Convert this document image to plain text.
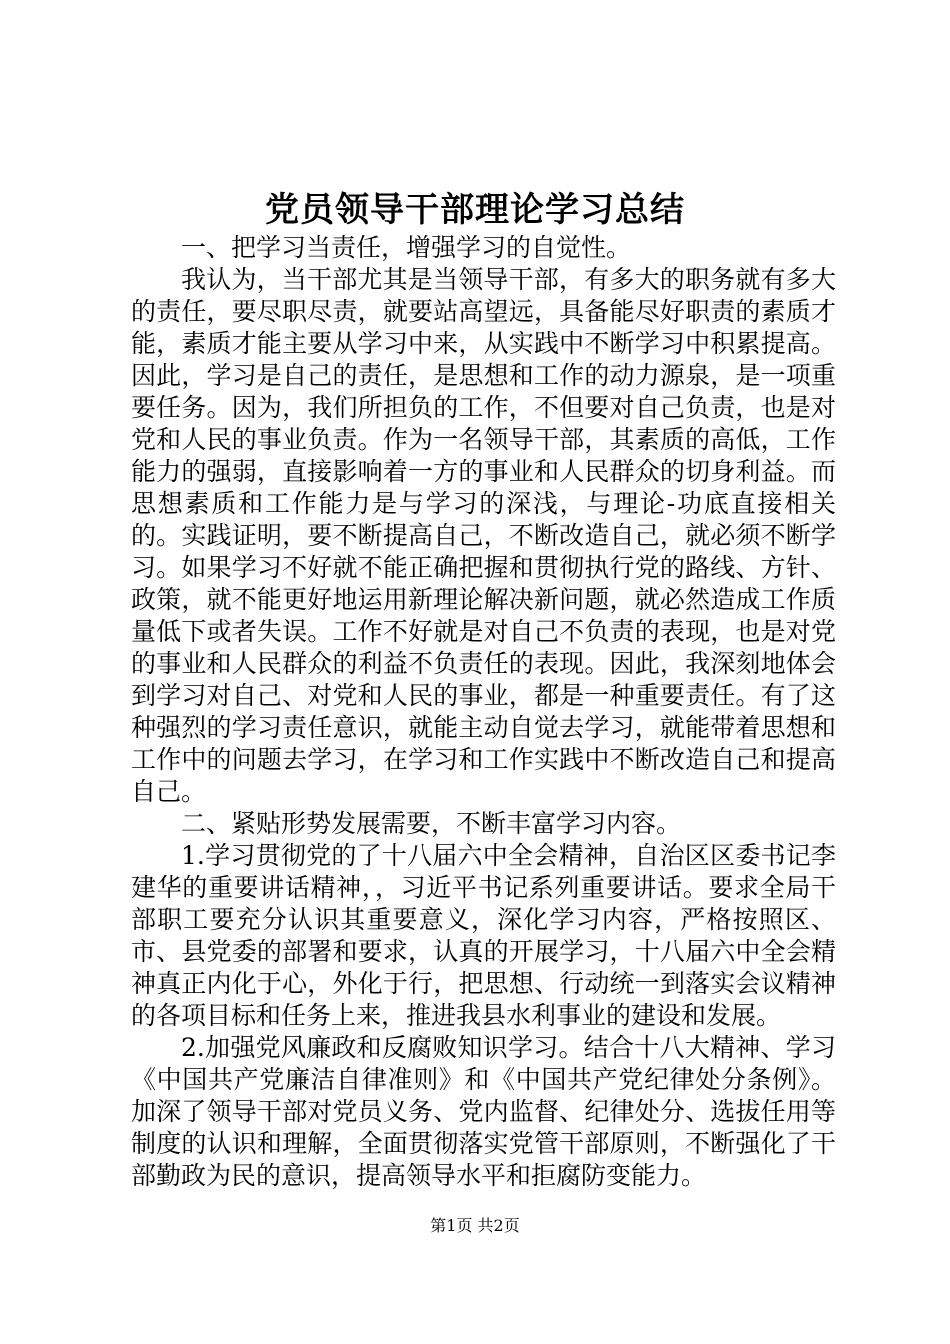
党员领导干部理论学习总结

一、把学习当责任，增强学习的自觉性。

我认为，当干部尤其是当领导干部，有多大的职务就有多大的责任，要尽职尽责，就要站高望远，具备能尽好职责的素质才能，素质才能主要从学习中来，从实践中不断学习中积累提高。因此，学习是自己的责任，是思想和工作的动力源泉，是一项重要任务。因为，我们所担负的工作，不但要对自己负责，也是对党和人民的事业负责。作为一名领导干部，其素质的高低，工作能力的强弱，直接影响着一方的事业和人民群众的切身利益。而思想素质和工作能力是与学习的深浅，与理论-功底直接相关的。实践证明，要不断提高自己，不断改造自己，就必须不断学习。如果学习不好就不能正确把握和贯彻执行党的路线、方针、政策，就不能更好地运用新理论解决新问题，就必然造成工作质量低下或者失误。工作不好就是对自己不负责的表现，也是对党的事业和人民群众的利益不负责任的表现。因此，我深刻地体会到学习对自己、对党和人民的事业，都是一种重要责任。有了这种强烈的学习责任意识，就能主动自觉去学习，就能带着思想和工作中的问题去学习，在学习和工作实践中不断改造自己和提高自己。

二、紧贴形势发展需要，不断丰富学习内容。

1.学习贯彻党的了十八届六中全会精神，自治区区委书记李建华的重要讲话精神，，习近平书记系列重要讲话。要求全局干部职工要充分认识其重要意义，深化学习内容，严格按照区、市、县党委的部署和要求，认真的开展学习，十八届六中全会精神真正内化于心，外化于行，把思想、行动统一到落实会议精神的各项目标和任务上来，推进我县水利事业的建设和发展。

2.加强党风廉政和反腐败知识学习。结合十八大精神、学习《中国共产党廉洁自律准则》和《中国共产党纪律处分条例》。加深了领导干部对党员义务、党内监督、纪律处分、选拔任用等制度的认识和理解，全面贯彻落实党管干部原则，不断强化了干部勤政为民的意识，提高领导水平和拒腐防变能力。

第1页 共2页
